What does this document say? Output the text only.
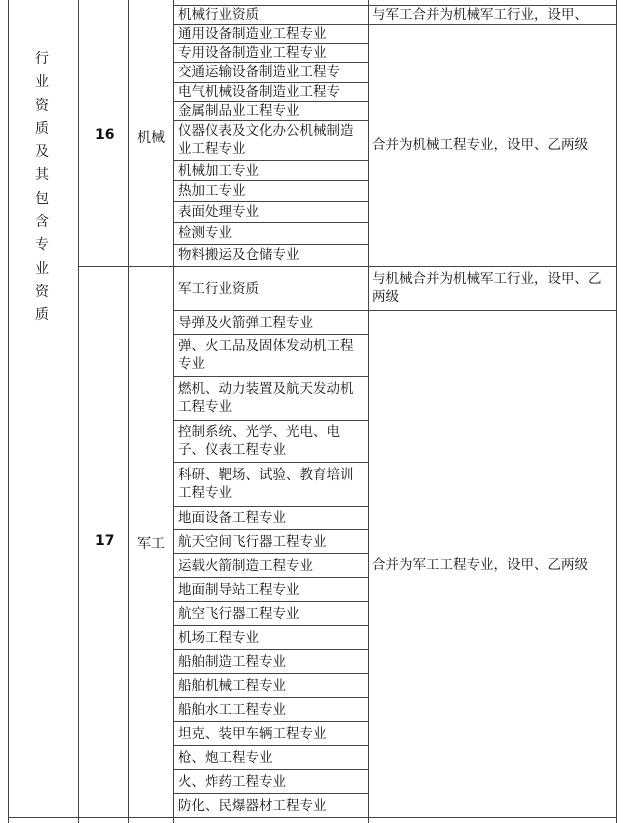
行业资质及其包含专业资质
16 机械
机械行业资质
通用设备制造业工程专业
专用设备制造业工程专业
交通运输设备制造业工程专
电气机械设备制造业工程专
金属制品业工程专业
仪器仪表及文化办公机械制造业工程专业
机械加工专业
热加工专业
表面处理专业
检测专业
物料搬运及仓储专业
与军工合并为机械军工行业，设甲、
合并为机械工程专业，设甲、乙两级
17 军工
军工行业资质
导弹及火箭弹工程专业
弹、火工品及固体发动机工程专业
燃机、动力装置及航天发动机工程专业
控制系统、光学、光电、电子、仪表工程专业
科研、靶场、试验、教育培训工程专业
地面设备工程专业
航天空间飞行器工程专业
运载火箭制造工程专业
地面制导站工程专业
航空飞行器工程专业
机场工程专业
船舶制造工程专业
船舶机械工程专业
船舶水工工程专业
坦克、装甲车辆工程专业
枪、炮工程专业
火、炸药工程专业
防化、民爆器材工程专业
与机械合并为机械军工行业，设甲、乙两级
合并为军工工程专业，设甲、乙两级
